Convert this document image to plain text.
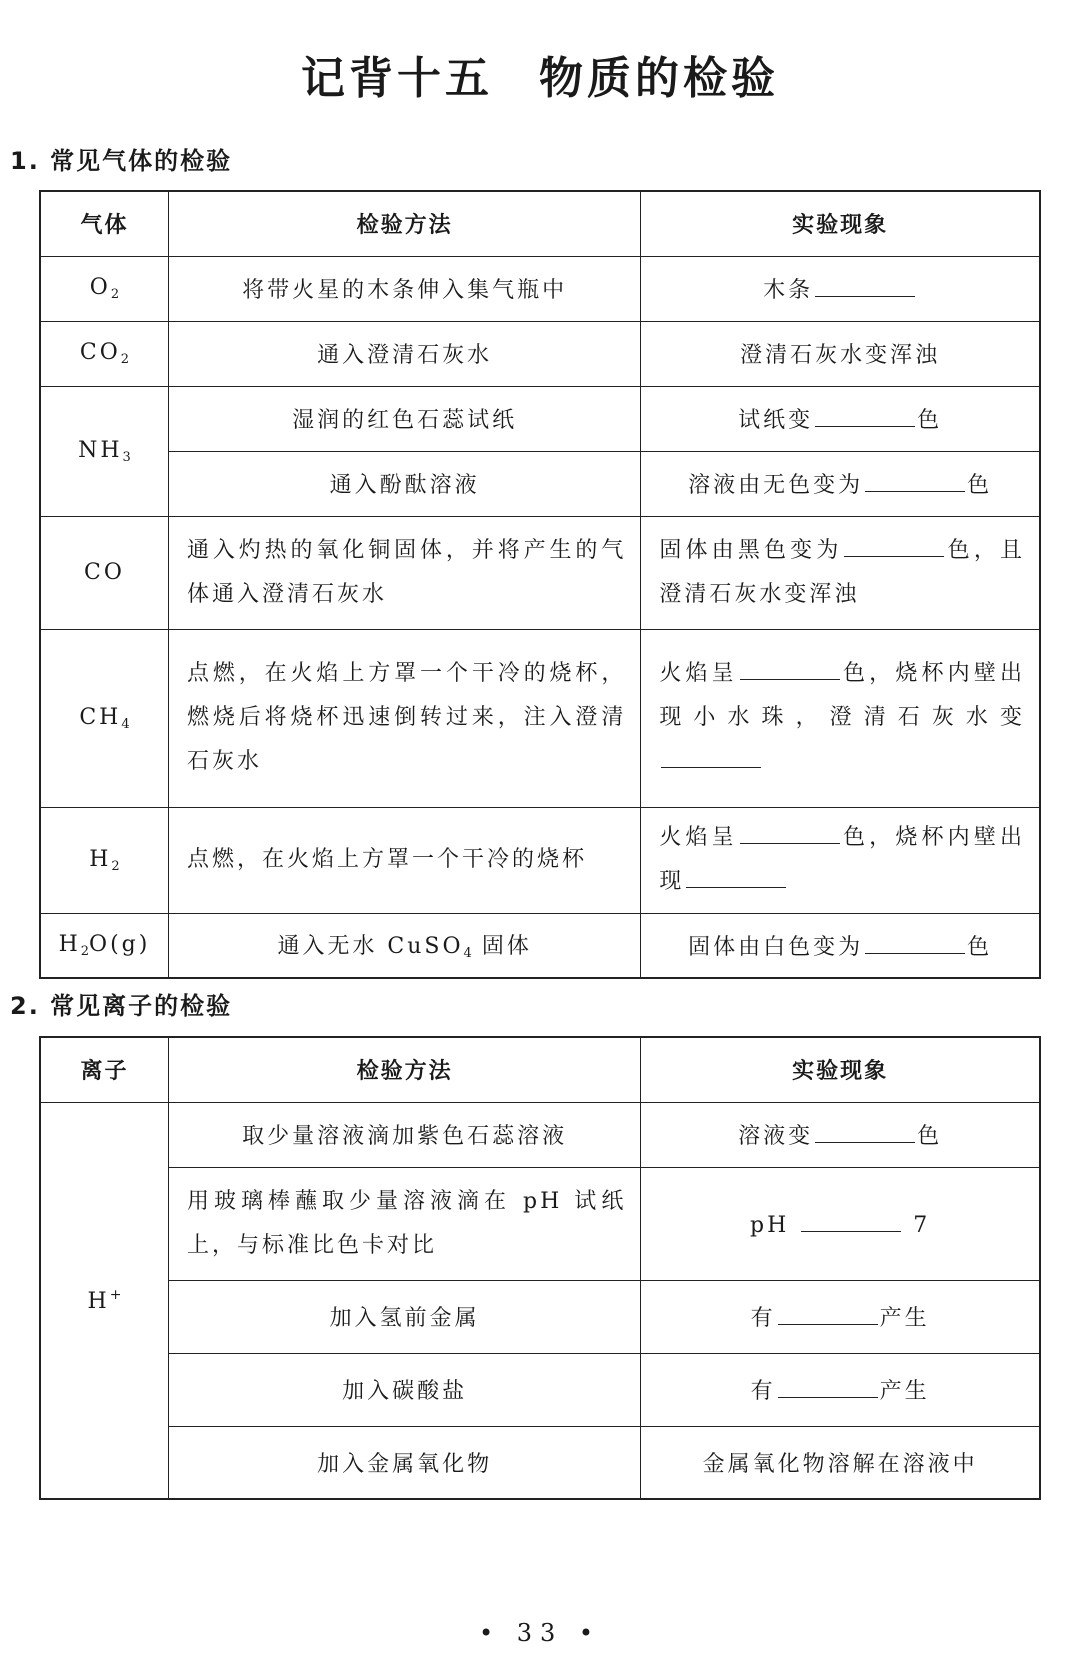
记背十五 物质的检验
1. 常见气体的检验
气体	检验方法	实验现象
$O_2$	将带火星的木条伸入集气瓶中	木条
$CO_2$	通入澄清石灰水	澄清石灰水变浑浊
$NH_3$	湿润的红色石蕊试纸	试纸变 色
	通入酚酞溶液	溶液由无色变为 色
CO	通入灼热的氧化铜固体，并将产生的气体通入澄清石灰水	固体由黑色变为 色，且澄清石灰水变浑浊
$CH_4$	点燃，在火焰上方罩一个干冷的烧杯，燃烧后将烧杯迅速倒转过来，注入澄清石灰水	火焰呈 色，烧杯内壁出现小水珠，澄清石灰水变
$H_2$	点燃，在火焰上方罩一个干冷的烧杯	火焰呈 色，烧杯内壁出现
$H_2O(g)$	通入无水 CuSO$_4$ 固体	固体由白色变为 色
2. 常见离子的检验
离子	检验方法	实验现象
H+	取少量溶液滴加紫色石蕊溶液	溶液变 色
	用玻璃棒蘸取少量溶液滴在 pH 试纸上，与标准比色卡对比	pH 7
	加入氢前金属	有 产生
	加入碳酸盐	有 产生
	加入金属氧化物	金属氧化物溶解在溶液中
• 33 •
